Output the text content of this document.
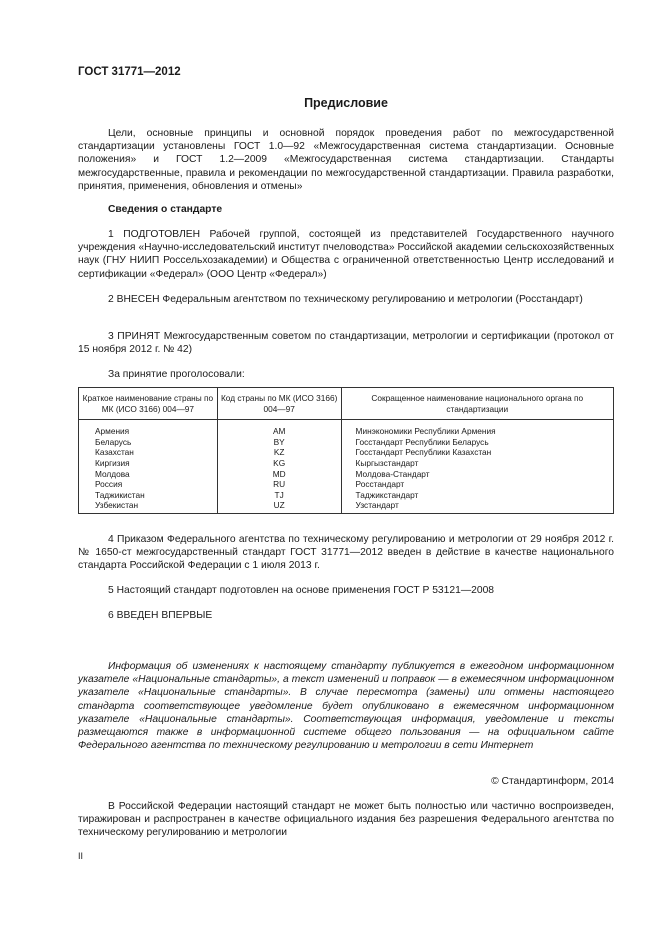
ГОСТ 31771—2012
Предисловие

Цели, основные принципы и основной порядок проведения работ по межгосударственной стандартизации установлены ГОСТ 1.0—92 «Межгосударственная система стандартизации. Основные положения» и ГОСТ 1.2—2009 «Межгосударственная система стандартизации. Стандарты межгосударственные, правила и рекомендации по межгосударственной стандартизации. Правила разработки, принятия, применения, обновления и отмены»

Сведения о стандарте

1 ПОДГОТОВЛЕН Рабочей группой, состоящей из представителей Государственного научного учреждения «Научно-исследовательский институт пчеловодства» Российской академии сельскохозяйственных наук (ГНУ НИИП Россельхозакадемии) и Общества с ограниченной ответственностью Центр исследований и сертификации «Федерал» (ООО Центр «Федерал»)

2 ВНЕСЕН Федеральным агентством по техническому регулированию и метрологии (Росстандарт)

3 ПРИНЯТ Межгосударственным советом по стандартизации, метрологии и сертификации (протокол от 15 ноября 2012 г. № 42)

За принятие проголосовали:

Краткое наименование страны по МК (ИСО 3166) 004—97	Код страны по МК (ИСО 3166) 004—97	Сокращенное наименование национального органа по стандартизации
Армения	AM	Минэкономики Республики Армения
Беларусь	BY	Госстандарт Республики Беларусь
Казахстан	KZ	Госстандарт Республики Казахстан
Киргизия	KG	Кыргызстандарт
Молдова	MD	Молдова-Стандарт
Россия	RU	Росстандарт
Таджикистан	TJ	Таджикстандарт
Узбекистан	UZ	Узстандарт

4 Приказом Федерального агентства по техническому регулированию и метрологии от 29 ноября 2012 г. № 1650-ст межгосударственный стандарт ГОСТ 31771—2012 введен в действие в качестве национального стандарта Российской Федерации с 1 июля 2013 г.

5 Настоящий стандарт подготовлен на основе применения ГОСТ Р 53121—2008

6 ВВЕДЕН ВПЕРВЫЕ

Информация об изменениях к настоящему стандарту публикуется в ежегодном информационном указателе «Национальные стандарты», а текст изменений и поправок — в ежемесячном информационном указателе «Национальные стандарты». В случае пересмотра (замены) или отмены настоящего стандарта соответствующее уведомление будет опубликовано в ежемесячном информационном указателе «Национальные стандарты». Соответствующая информация, уведомление и тексты размещаются также в информационной системе общего пользования — на официальном сайте Федерального агентства по техническому регулированию и метрологии в сети Интернет

© Стандартинформ, 2014

В Российской Федерации настоящий стандарт не может быть полностью или частично воспроизведен, тиражирован и распространен в качестве официального издания без разрешения Федерального агентства по техническому регулированию и метрологии

II
